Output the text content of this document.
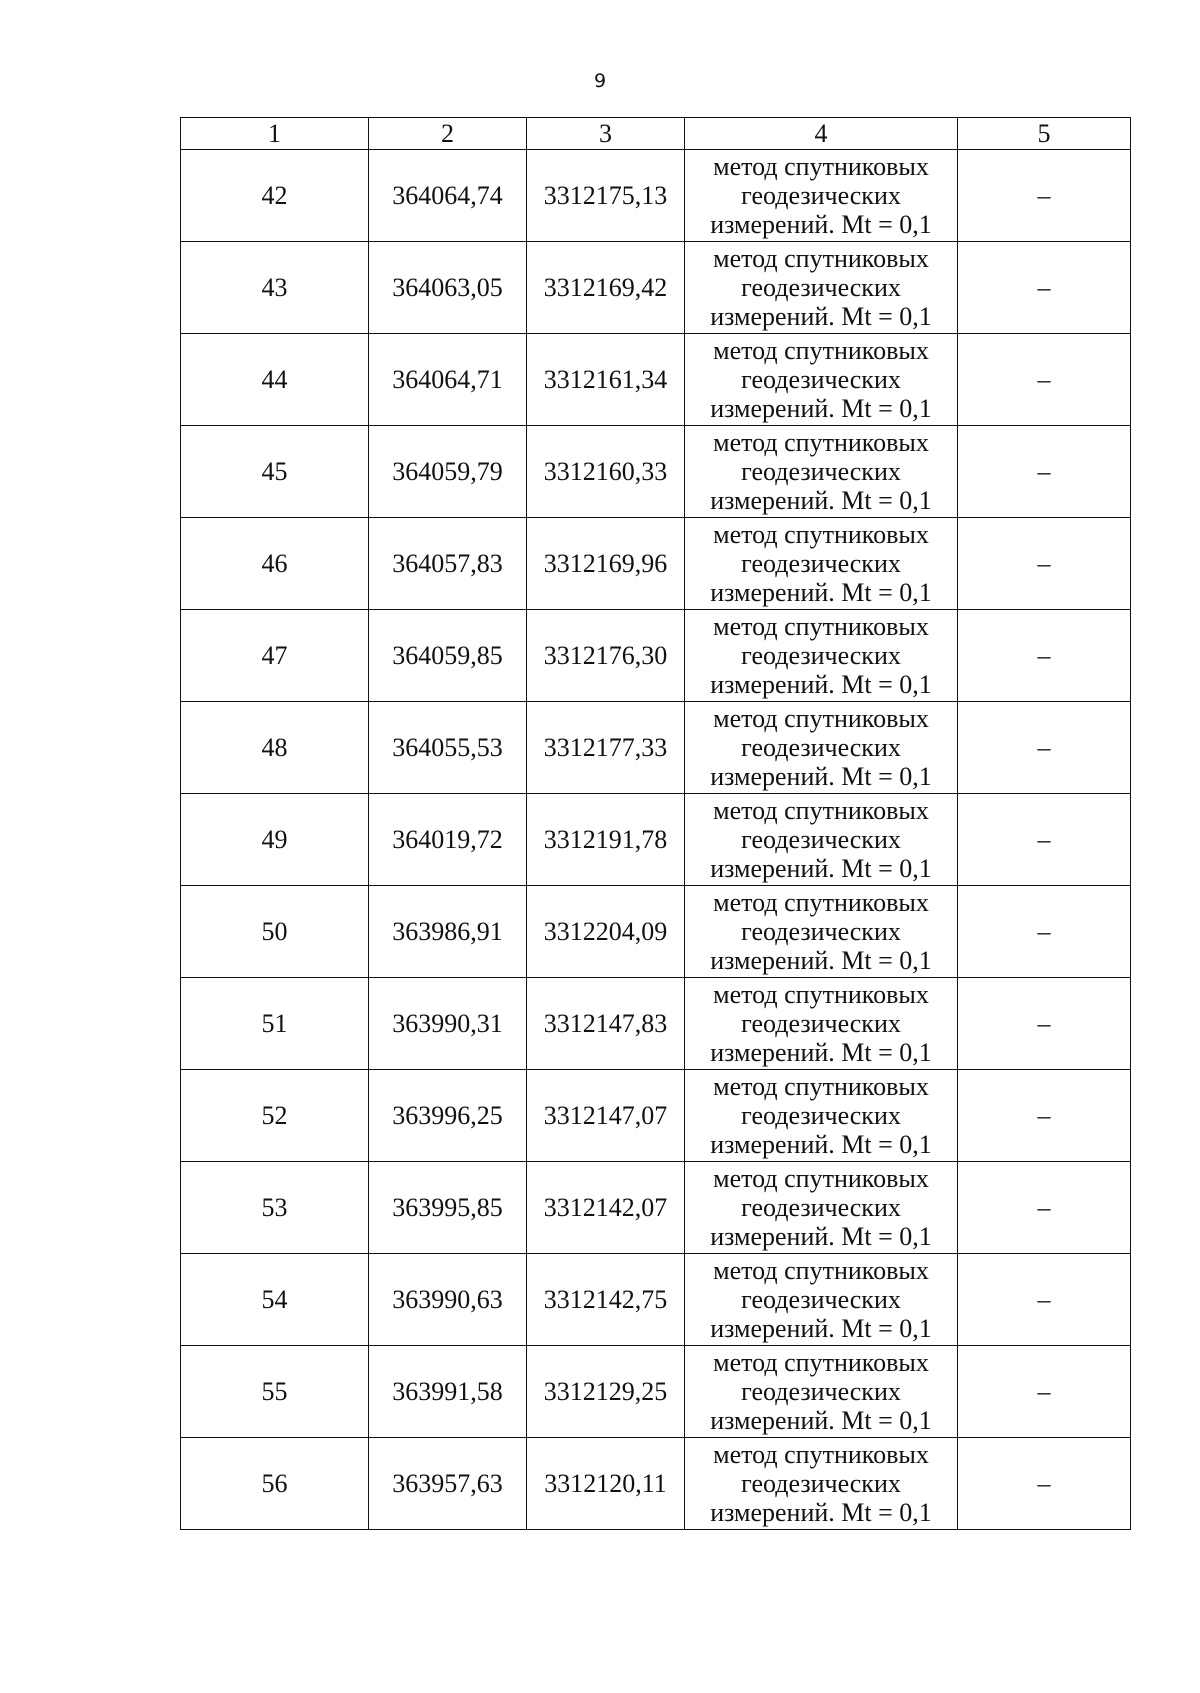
9
1	2	3	4	5
42	364064,74	3312175,13	метод спутниковых
геодезических
измерений. Mt = 0,1	–
43	364063,05	3312169,42	метод спутниковых
геодезических
измерений. Mt = 0,1	–
44	364064,71	3312161,34	метод спутниковых
геодезических
измерений. Mt = 0,1	–
45	364059,79	3312160,33	метод спутниковых
геодезических
измерений. Mt = 0,1	–
46	364057,83	3312169,96	метод спутниковых
геодезических
измерений. Mt = 0,1	–
47	364059,85	3312176,30	метод спутниковых
геодезических
измерений. Mt = 0,1	–
48	364055,53	3312177,33	метод спутниковых
геодезических
измерений. Mt = 0,1	–
49	364019,72	3312191,78	метод спутниковых
геодезических
измерений. Mt = 0,1	–
50	363986,91	3312204,09	метод спутниковых
геодезических
измерений. Mt = 0,1	–
51	363990,31	3312147,83	метод спутниковых
геодезических
измерений. Mt = 0,1	–
52	363996,25	3312147,07	метод спутниковых
геодезических
измерений. Mt = 0,1	–
53	363995,85	3312142,07	метод спутниковых
геодезических
измерений. Mt = 0,1	–
54	363990,63	3312142,75	метод спутниковых
геодезических
измерений. Mt = 0,1	–
55	363991,58	3312129,25	метод спутниковых
геодезических
измерений. Mt = 0,1	–
56	363957,63	3312120,11	метод спутниковых
геодезических
измерений. Mt = 0,1	–
